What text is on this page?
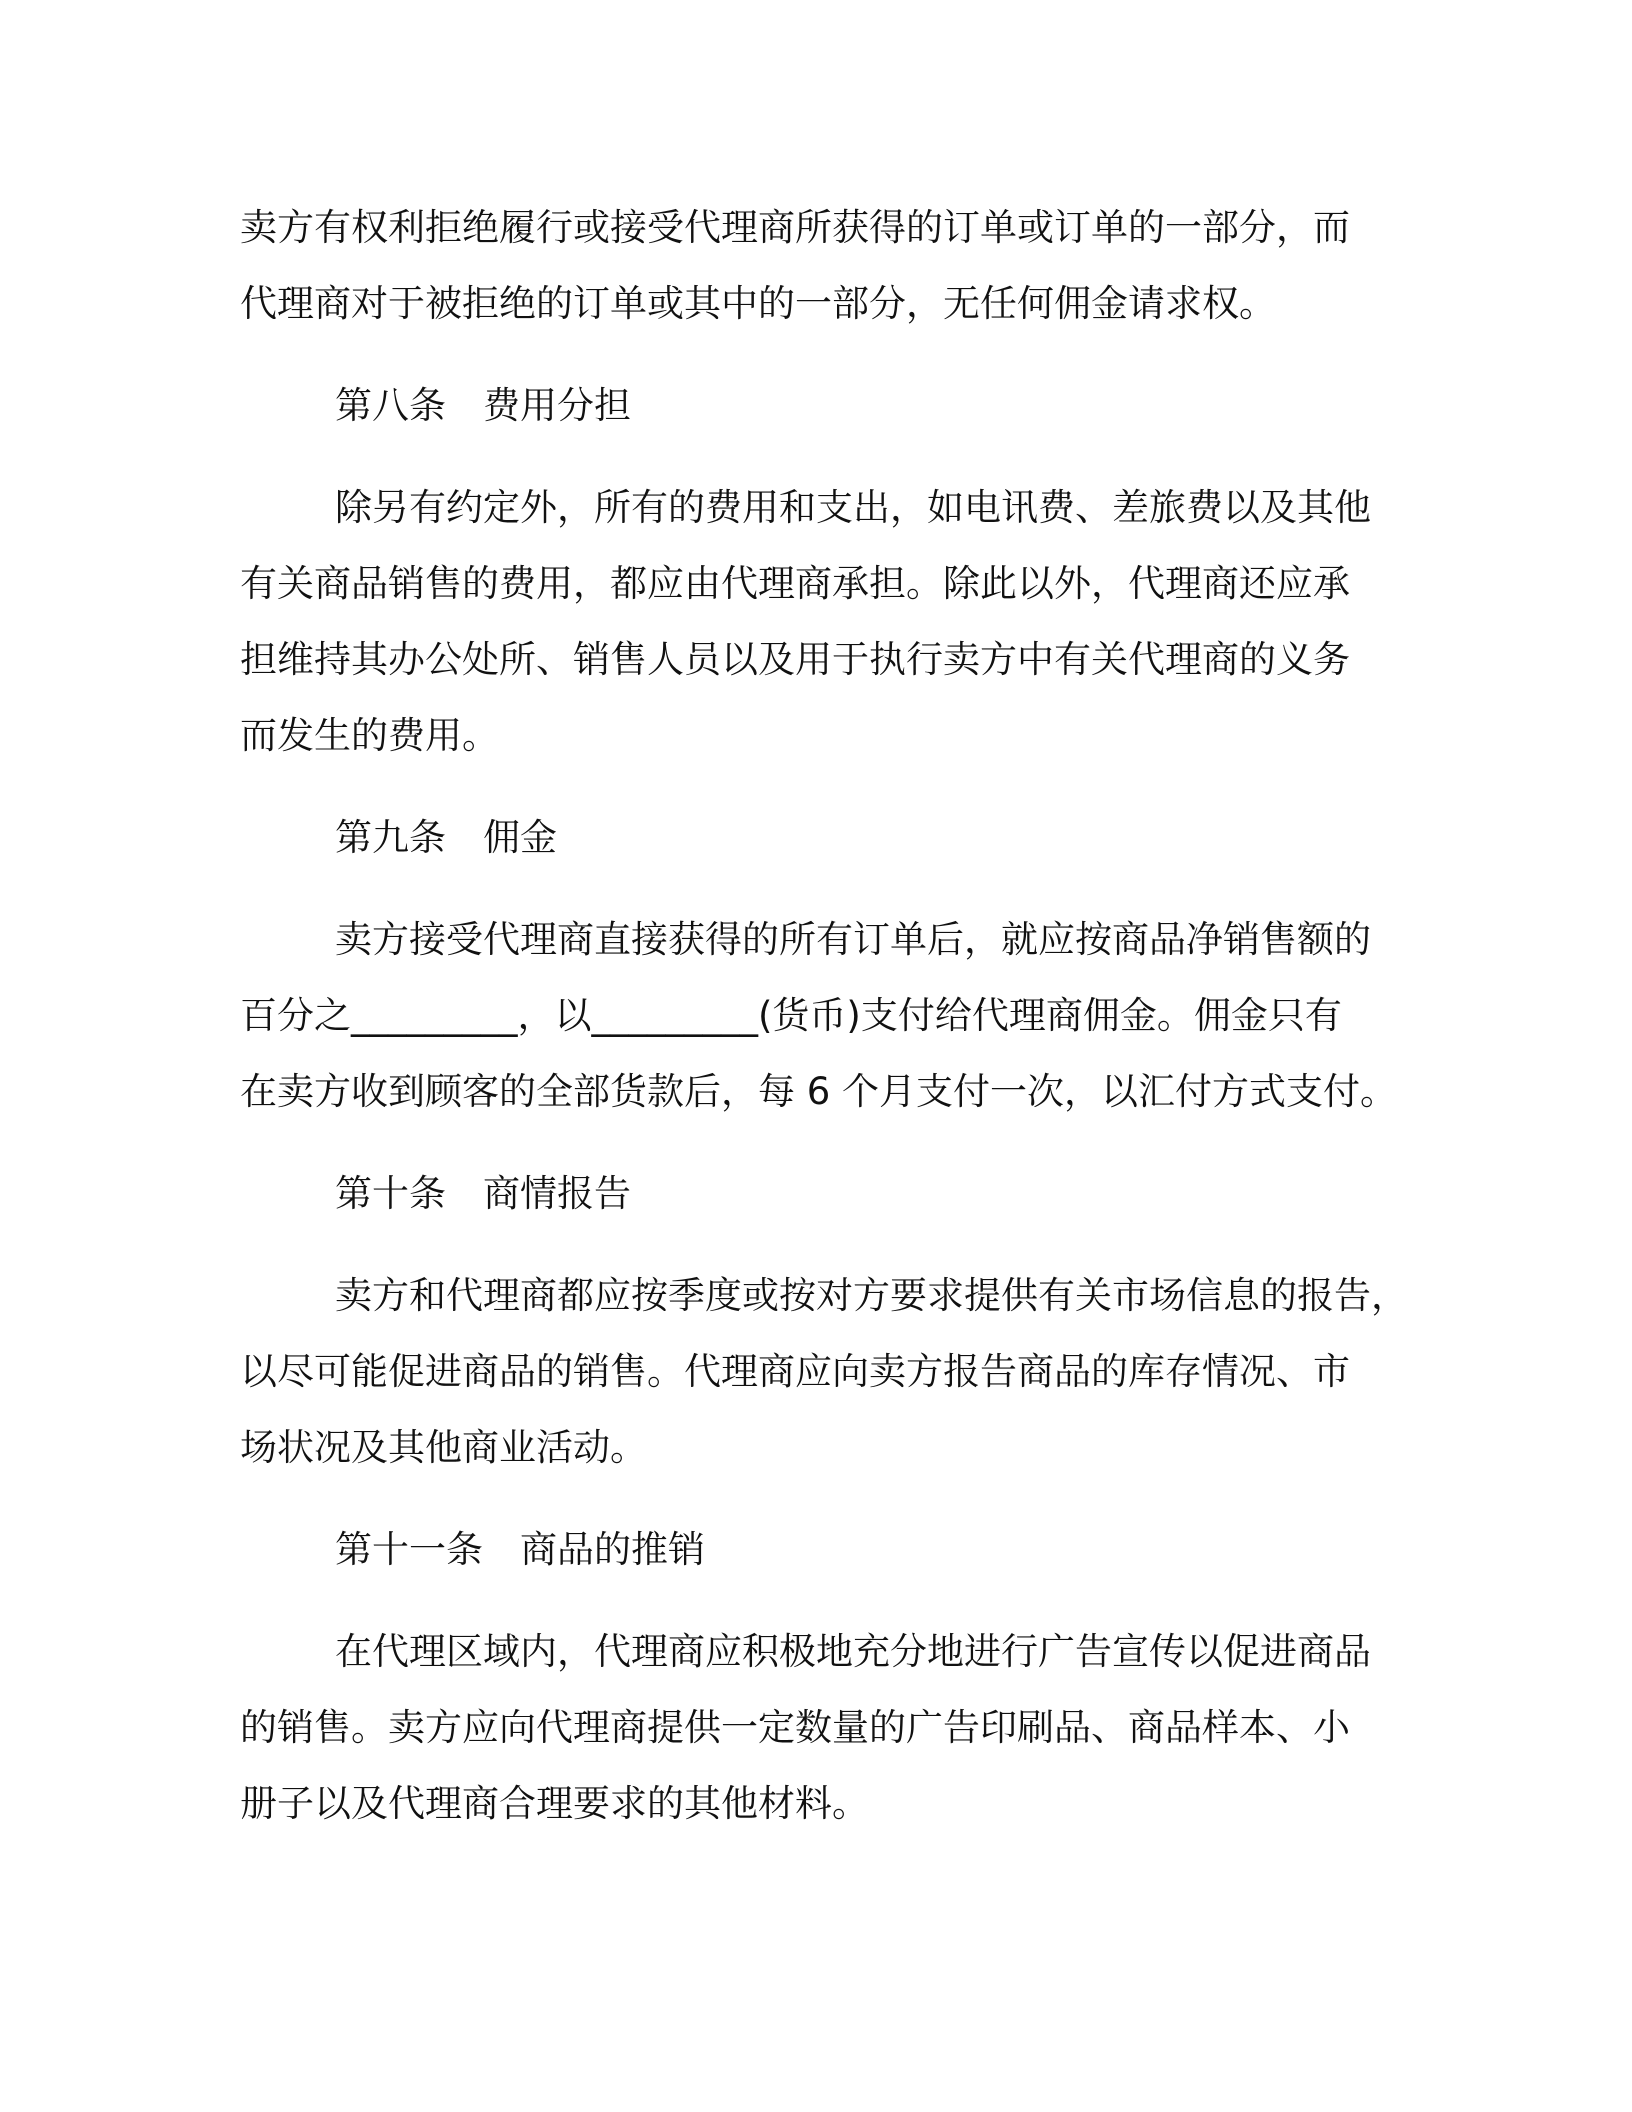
卖方有权利拒绝履行或接受代理商所获得的订单或订单的一部分，而
代理商对于被拒绝的订单或其中的一部分，无任何佣金请求权。
第八条　费用分担
除另有约定外，所有的费用和支出，如电讯费、差旅费以及其他
有关商品销售的费用，都应由代理商承担。除此以外，代理商还应承
担维持其办公处所、销售人员以及用于执行卖方中有关代理商的义务
而发生的费用。
第九条　佣金
卖方接受代理商直接获得的所有订单后，就应按商品净销售额的
百分之_________，以_________(货币)支付给代理商佣金。佣金只有
在卖方收到顾客的全部货款后，每 6 个月支付一次，以汇付方式支付。
第十条　商情报告
卖方和代理商都应按季度或按对方要求提供有关市场信息的报告，
以尽可能促进商品的销售。代理商应向卖方报告商品的库存情况、市
场状况及其他商业活动。
第十一条　商品的推销
在代理区域内，代理商应积极地充分地进行广告宣传以促进商品
的销售。卖方应向代理商提供一定数量的广告印刷品、商品样本、小
册子以及代理商合理要求的其他材料。
